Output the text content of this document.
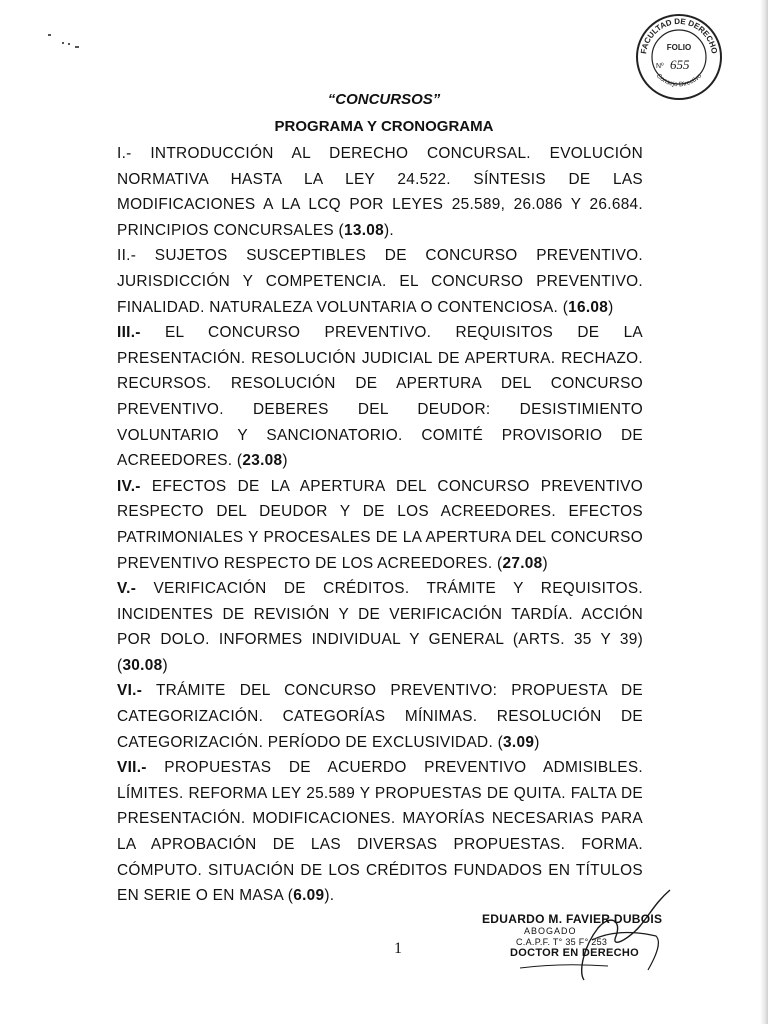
FACULTAD DE DERECHO
Consejo Directivo
FOLIO
Nº 655
“CONCURSOS”
PROGRAMA Y CRONOGRAMA

I.- INTRODUCCIÓN AL DERECHO CONCURSAL. EVOLUCIÓN NORMATIVA HASTA LA LEY 24.522. SÍNTESIS DE LAS MODIFICACIONES A LA LCQ POR LEYES 25.589, 26.086 Y 26.684. PRINCIPIOS CONCURSALES (13.08).

II.- SUJETOS SUSCEPTIBLES DE CONCURSO PREVENTIVO. JURISDICCIÓN Y COMPETENCIA. EL CONCURSO PREVENTIVO. FINALIDAD. NATURALEZA VOLUNTARIA O CONTENCIOSA. (16.08)

III.- EL CONCURSO PREVENTIVO. REQUISITOS DE LA PRESENTACIÓN. RESOLUCIÓN JUDICIAL DE APERTURA. RECHAZO. RECURSOS. RESOLUCIÓN DE APERTURA DEL CONCURSO PREVENTIVO. DEBERES DEL DEUDOR: DESISTIMIENTO VOLUNTARIO Y SANCIONATORIO. COMITÉ PROVISORIO DE ACREEDORES. (23.08)

IV.- EFECTOS DE LA APERTURA DEL CONCURSO PREVENTIVO RESPECTO DEL DEUDOR Y DE LOS ACREEDORES. EFECTOS PATRIMONIALES Y PROCESALES DE LA APERTURA DEL CONCURSO PREVENTIVO RESPECTO DE LOS ACREEDORES. (27.08)

V.- VERIFICACIÓN DE CRÉDITOS. TRÁMITE Y REQUISITOS. INCIDENTES DE REVISIÓN Y DE VERIFICACIÓN TARDÍA. ACCIÓN POR DOLO. INFORMES INDIVIDUAL Y GENERAL (ARTS. 35 Y 39) (30.08)

VI.- TRÁMITE DEL CONCURSO PREVENTIVO: PROPUESTA DE CATEGORIZACIÓN. CATEGORÍAS MÍNIMAS. RESOLUCIÓN DE CATEGORIZACIÓN. PERÍODO DE EXCLUSIVIDAD. (3.09)

VII.- PROPUESTAS DE ACUERDO PREVENTIVO ADMISIBLES. LÍMITES. REFORMA LEY 25.589 Y PROPUESTAS DE QUITA. FALTA DE PRESENTACIÓN. MODIFICACIONES. MAYORÍAS NECESARIAS PARA LA APROBACIÓN DE LAS DIVERSAS PROPUESTAS. FORMA. CÓMPUTO. SITUACIÓN DE LOS CRÉDITOS FUNDADOS EN TÍTULOS EN SERIE O EN MASA (6.09).

1
EDUARDO M. FAVIER DUBOIS
ABOGADO
C.A.P.F. T° 35 F° 253
DOCTOR EN DERECHO
